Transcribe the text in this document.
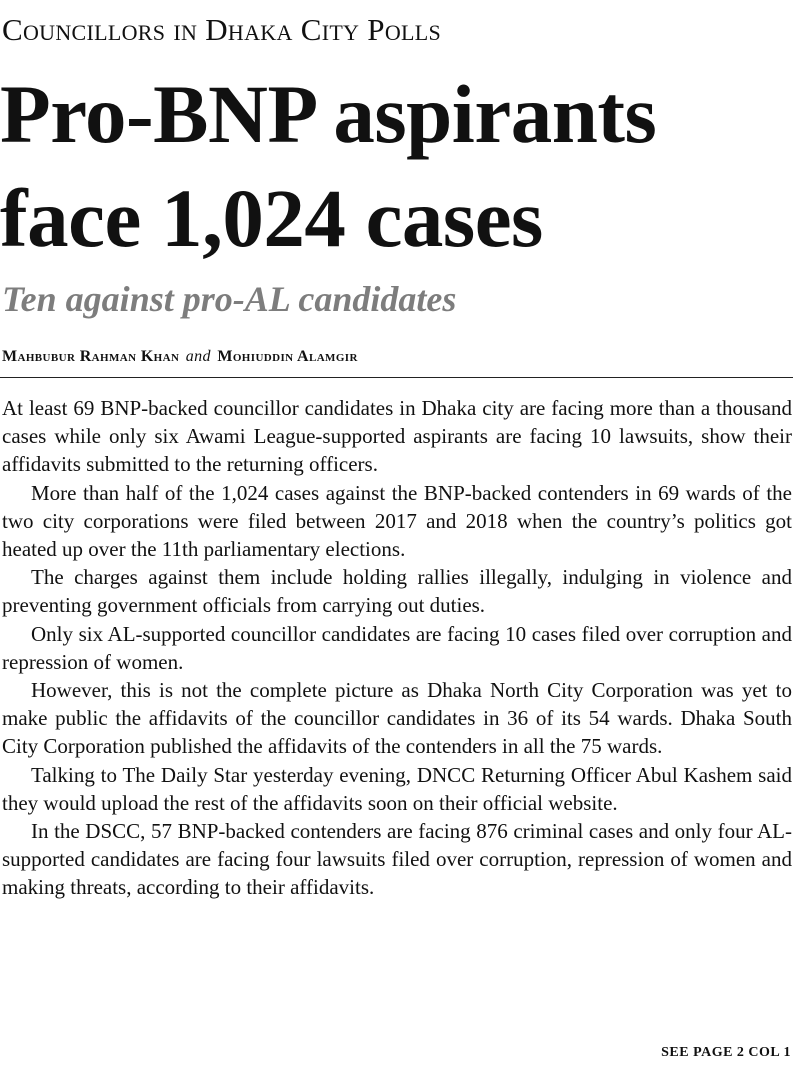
Councillors in Dhaka City Polls
Pro-BNP aspirants
face 1,024 cases
Ten against pro-AL candidates
Mahbubur Rahman Khan and Mohiuddin Alamgir

At least 69 BNP-backed councillor candidates in Dhaka city are facing more than a thousand cases while only six Awami League-supported aspirants are facing 10 lawsuits, show their affidavits submitted to the returning officers.

More than half of the 1,024 cases against the BNP-backed contenders in 69 wards of the two city corporations were filed between 2017 and 2018 when the country’s politics got heated up over the 11th parliamentary elections.

The charges against them include holding rallies illegally, indulging in violence and preventing government officials from carrying out duties.

Only six AL-supported councillor candidates are facing 10 cases filed over corruption and repression of women.

However, this is not the complete picture as Dhaka North City Corporation was yet to make public the affidavits of the councillor candidates in 36 of its 54 wards. Dhaka South City Corporation published the affidavits of the contenders in all the 75 wards.

Talking to The Daily Star yesterday evening, DNCC Returning Officer Abul Kashem said they would upload the rest of the affidavits soon on their official website.

In the DSCC, 57 BNP-backed contenders are facing 876 criminal cases and only four AL-supported candidates are facing four lawsuits filed over corruption, repression of women and making threats, according to their affidavits.

SEE PAGE 2 COL 1
